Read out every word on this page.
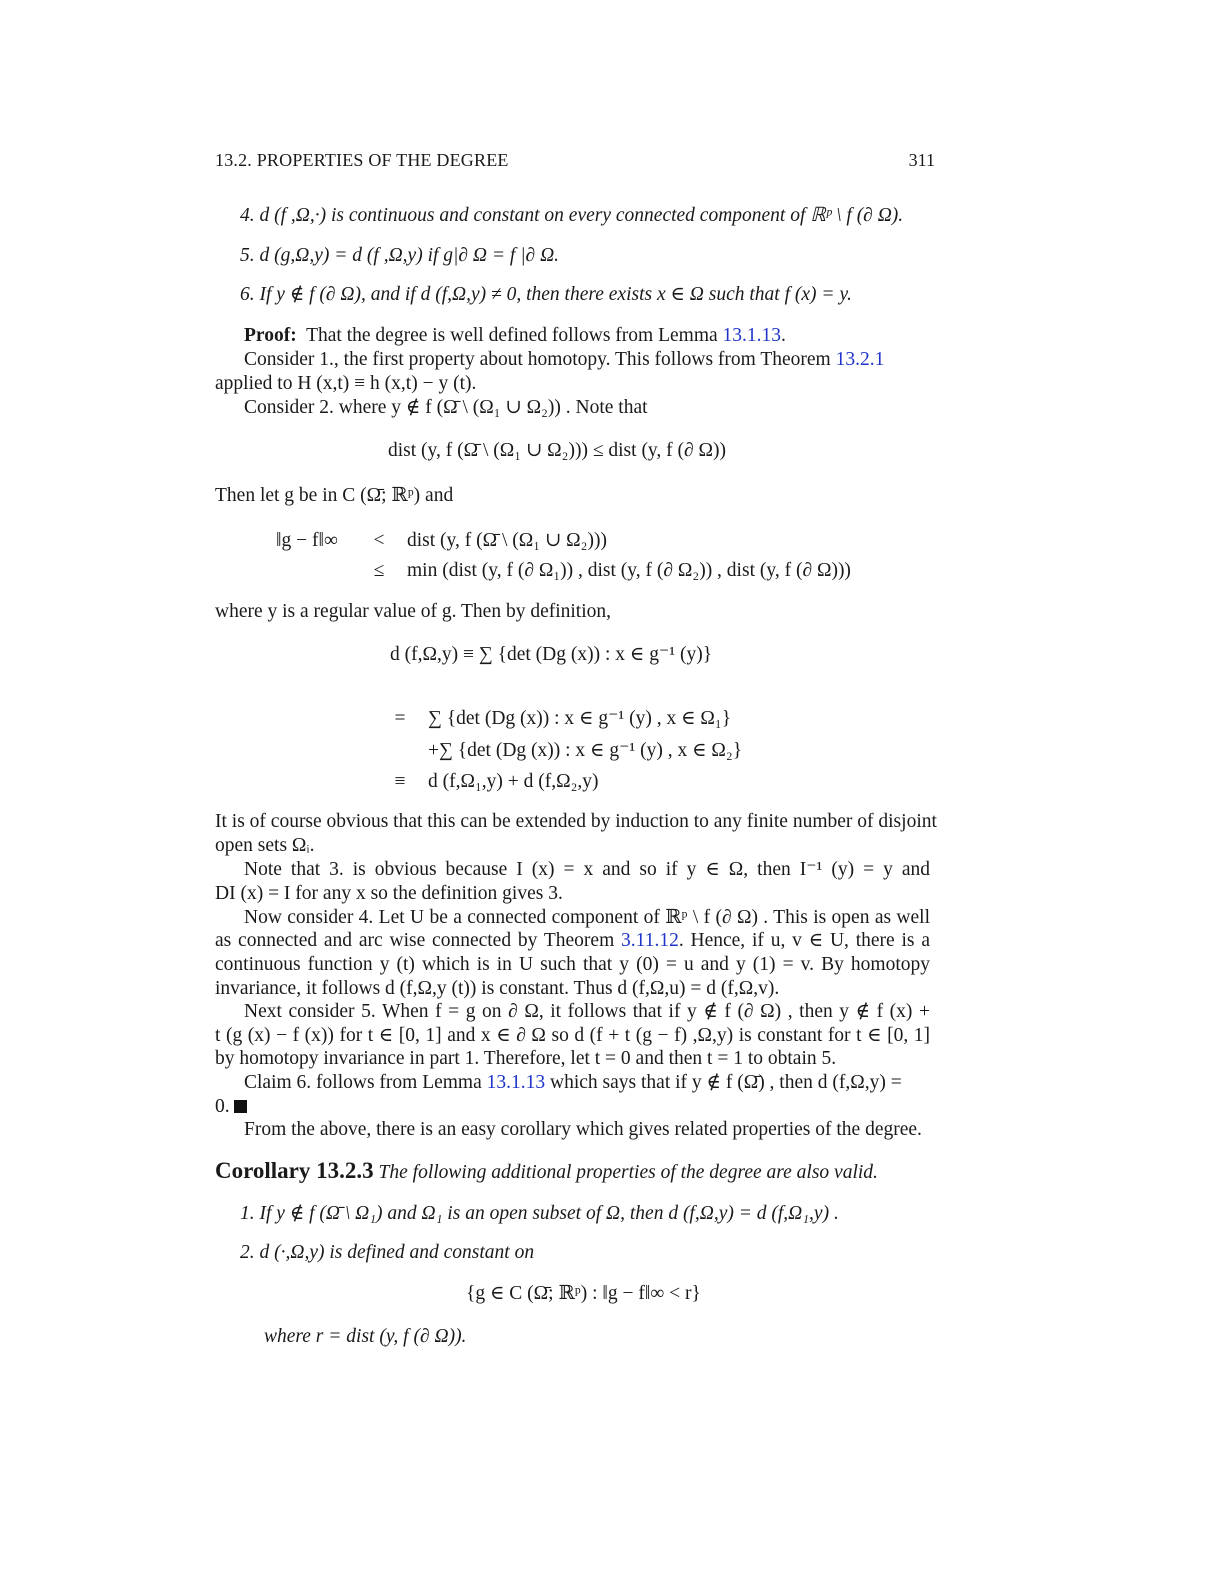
13.2. PROPERTIES OF THE DEGREE	311
4. d (f ,Ω,·) is continuous and constant on every connected component of ℝᵖ \ f (∂ Ω).
5. d (g,Ω,y) = d (f ,Ω,y) if g|∂ Ω = f |∂ Ω.
6. If y ∉ f (∂ Ω), and if d (f,Ω,y) ≠ 0, then there exists x ∈ Ω such that f (x) = y.
Proof: That the degree is well defined follows from Lemma 13.1.13.
Consider 1., the first property about homotopy. This follows from Theorem 13.2.1
applied to H (x,t) ≡ h (x,t) − y (t).
Consider 2. where y ∉ f (Ω̄ \ (Ω₁ ∪ Ω₂)) . Note that
dist (y, f (Ω̄ \ (Ω₁ ∪ Ω₂))) ≤ dist (y, f (∂ Ω))
Then let g be in C (Ω̄; ℝᵖ) and
‖g − f‖∞	<	dist (y, f (Ω̄ \ (Ω₁ ∪ Ω₂)))
≤	min (dist (y, f (∂ Ω₁)) , dist (y, f (∂ Ω₂)) , dist (y, f (∂ Ω)))
where y is a regular value of g. Then by definition,
d (f,Ω,y) ≡ ∑ {det (Dg (x)) : x ∈ g⁻¹ (y)}
=	∑ {det (Dg (x)) : x ∈ g⁻¹ (y) , x ∈ Ω₁}
+∑ {det (Dg (x)) : x ∈ g⁻¹ (y) , x ∈ Ω₂}
≡	d (f,Ω₁,y) + d (f,Ω₂,y)
It is of course obvious that this can be extended by induction to any finite number of disjoint
open sets Ωᵢ.
Note that 3. is obvious because I (x) = x and so if y ∈ Ω, then I⁻¹ (y) = y and
DI (x) = I for any x so the definition gives 3.
Now consider 4. Let U be a connected component of ℝᵖ \ f (∂ Ω) . This is open as well
as connected and arc wise connected by Theorem 3.11.12. Hence, if u, v ∈ U, there is a
continuous function y (t) which is in U such that y (0) = u and y (1) = v. By homotopy
invariance, it follows d (f,Ω,y (t)) is constant. Thus d (f,Ω,u) = d (f,Ω,v).
Next consider 5. When f = g on ∂ Ω, it follows that if y ∉ f (∂ Ω) , then y ∉ f (x) +
t (g (x) − f (x)) for t ∈ [0, 1] and x ∈ ∂ Ω so d (f + t (g − f) ,Ω,y) is constant for t ∈ [0, 1]
by homotopy invariance in part 1. Therefore, let t = 0 and then t = 1 to obtain 5.
Claim 6. follows from Lemma 13.1.13 which says that if y ∉ f (Ω̄) , then d (f,Ω,y) =
0.
From the above, there is an easy corollary which gives related properties of the degree.
Corollary 13.2.3 The following additional properties of the degree are also valid.
1. If y ∉ f (Ω̄ \ Ω₁) and Ω₁ is an open subset of Ω, then d (f,Ω,y) = d (f,Ω₁,y) .
2. d (·,Ω,y) is defined and constant on
{g ∈ C (Ω̄; ℝᵖ) : ‖g − f‖∞ < r}
where r = dist (y, f (∂ Ω)).
